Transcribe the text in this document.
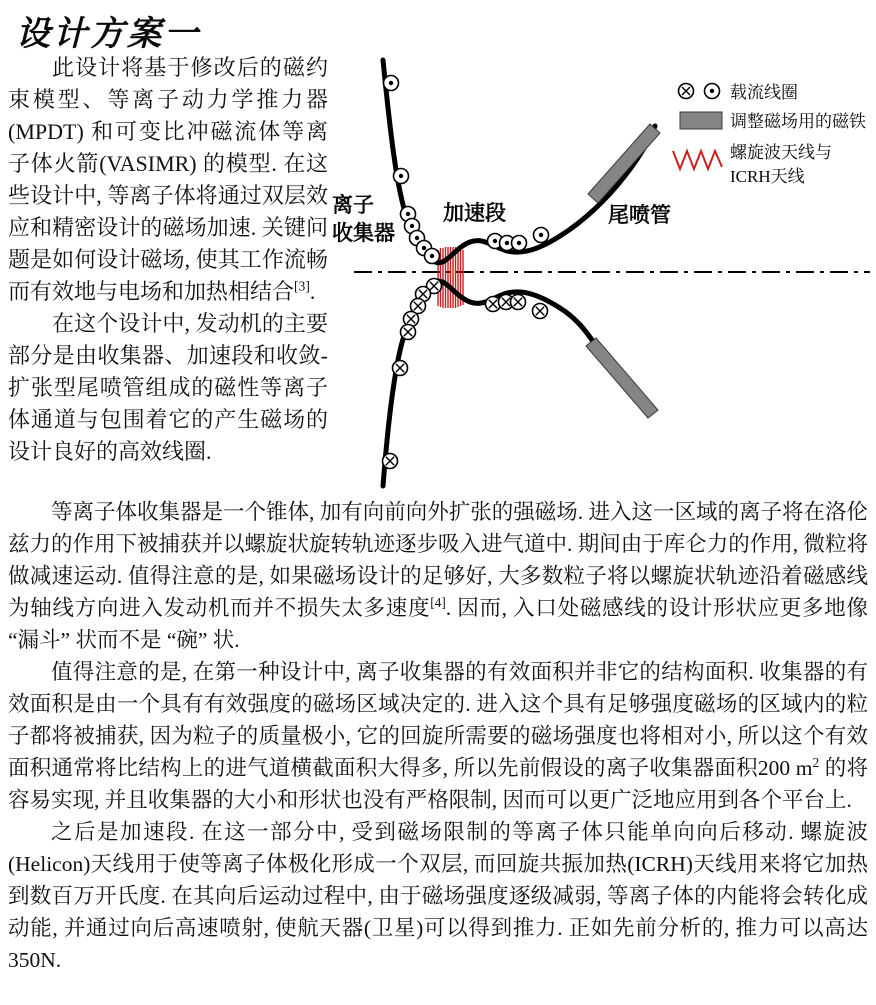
设计方案一

此设计将基于修改后的磁约束模型、等离子动力学推力器(MPDT) 和可变比冲磁流体等离子体火箭(VASIMR) 的模型. 在这些设计中, 等离子体将通过双层效应和精密设计的磁场加速. 关键问题是如何设计磁场, 使其工作流畅而有效地与电场和加热相结合[3].

在这个设计中, 发动机的主要部分是由收集器、加速段和收敛-扩张型尾喷管组成的磁性等离子体通道与包围着它的产生磁场的设计良好的高效线圈.

离子
收集器
加速段	尾喷管
载流线圈
调整磁场用的磁铁
螺旋波天线与
ICRH天线

等离子体收集器是一个锥体, 加有向前向外扩张的强磁场. 进入这一区域的离子将在洛伦兹力的作用下被捕获并以螺旋状旋转轨迹逐步吸入进气道中. 期间由于库仑力的作用, 微粒将做减速运动. 值得注意的是, 如果磁场设计的足够好, 大多数粒子将以螺旋状轨迹沿着磁感线为轴线方向进入发动机而并不损失太多速度[4]. 因而, 入口处磁感线的设计形状应更多地像 “漏斗” 状而不是 “碗” 状.

值得注意的是, 在第一种设计中, 离子收集器的有效面积并非它的结构面积. 收集器的有效面积是由一个具有有效强度的磁场区域决定的. 进入这个具有足够强度磁场的区域内的粒子都将被捕获, 因为粒子的质量极小, 它的回旋所需要的磁场强度也将相对小, 所以这个有效面积通常将比结构上的进气道横截面积大得多, 所以先前假设的离子收集器面积200 $m^2$ 的将容易实现, 并且收集器的大小和形状也没有严格限制, 因而可以更广泛地应用到各个平台上.

之后是加速段. 在这一部分中, 受到磁场限制的等离子体只能单向向后移动. 螺旋波(Helicon)天线用于使等离子体极化形成一个双层, 而回旋共振加热(ICRH)天线用来将它加热到数百万开氏度. 在其向后运动过程中, 由于磁场强度逐级减弱, 等离子体的内能将会转化成动能, 并通过向后高速喷射, 使航天器(卫星)可以得到推力. 正如先前分析的, 推力可以高达 350N.
